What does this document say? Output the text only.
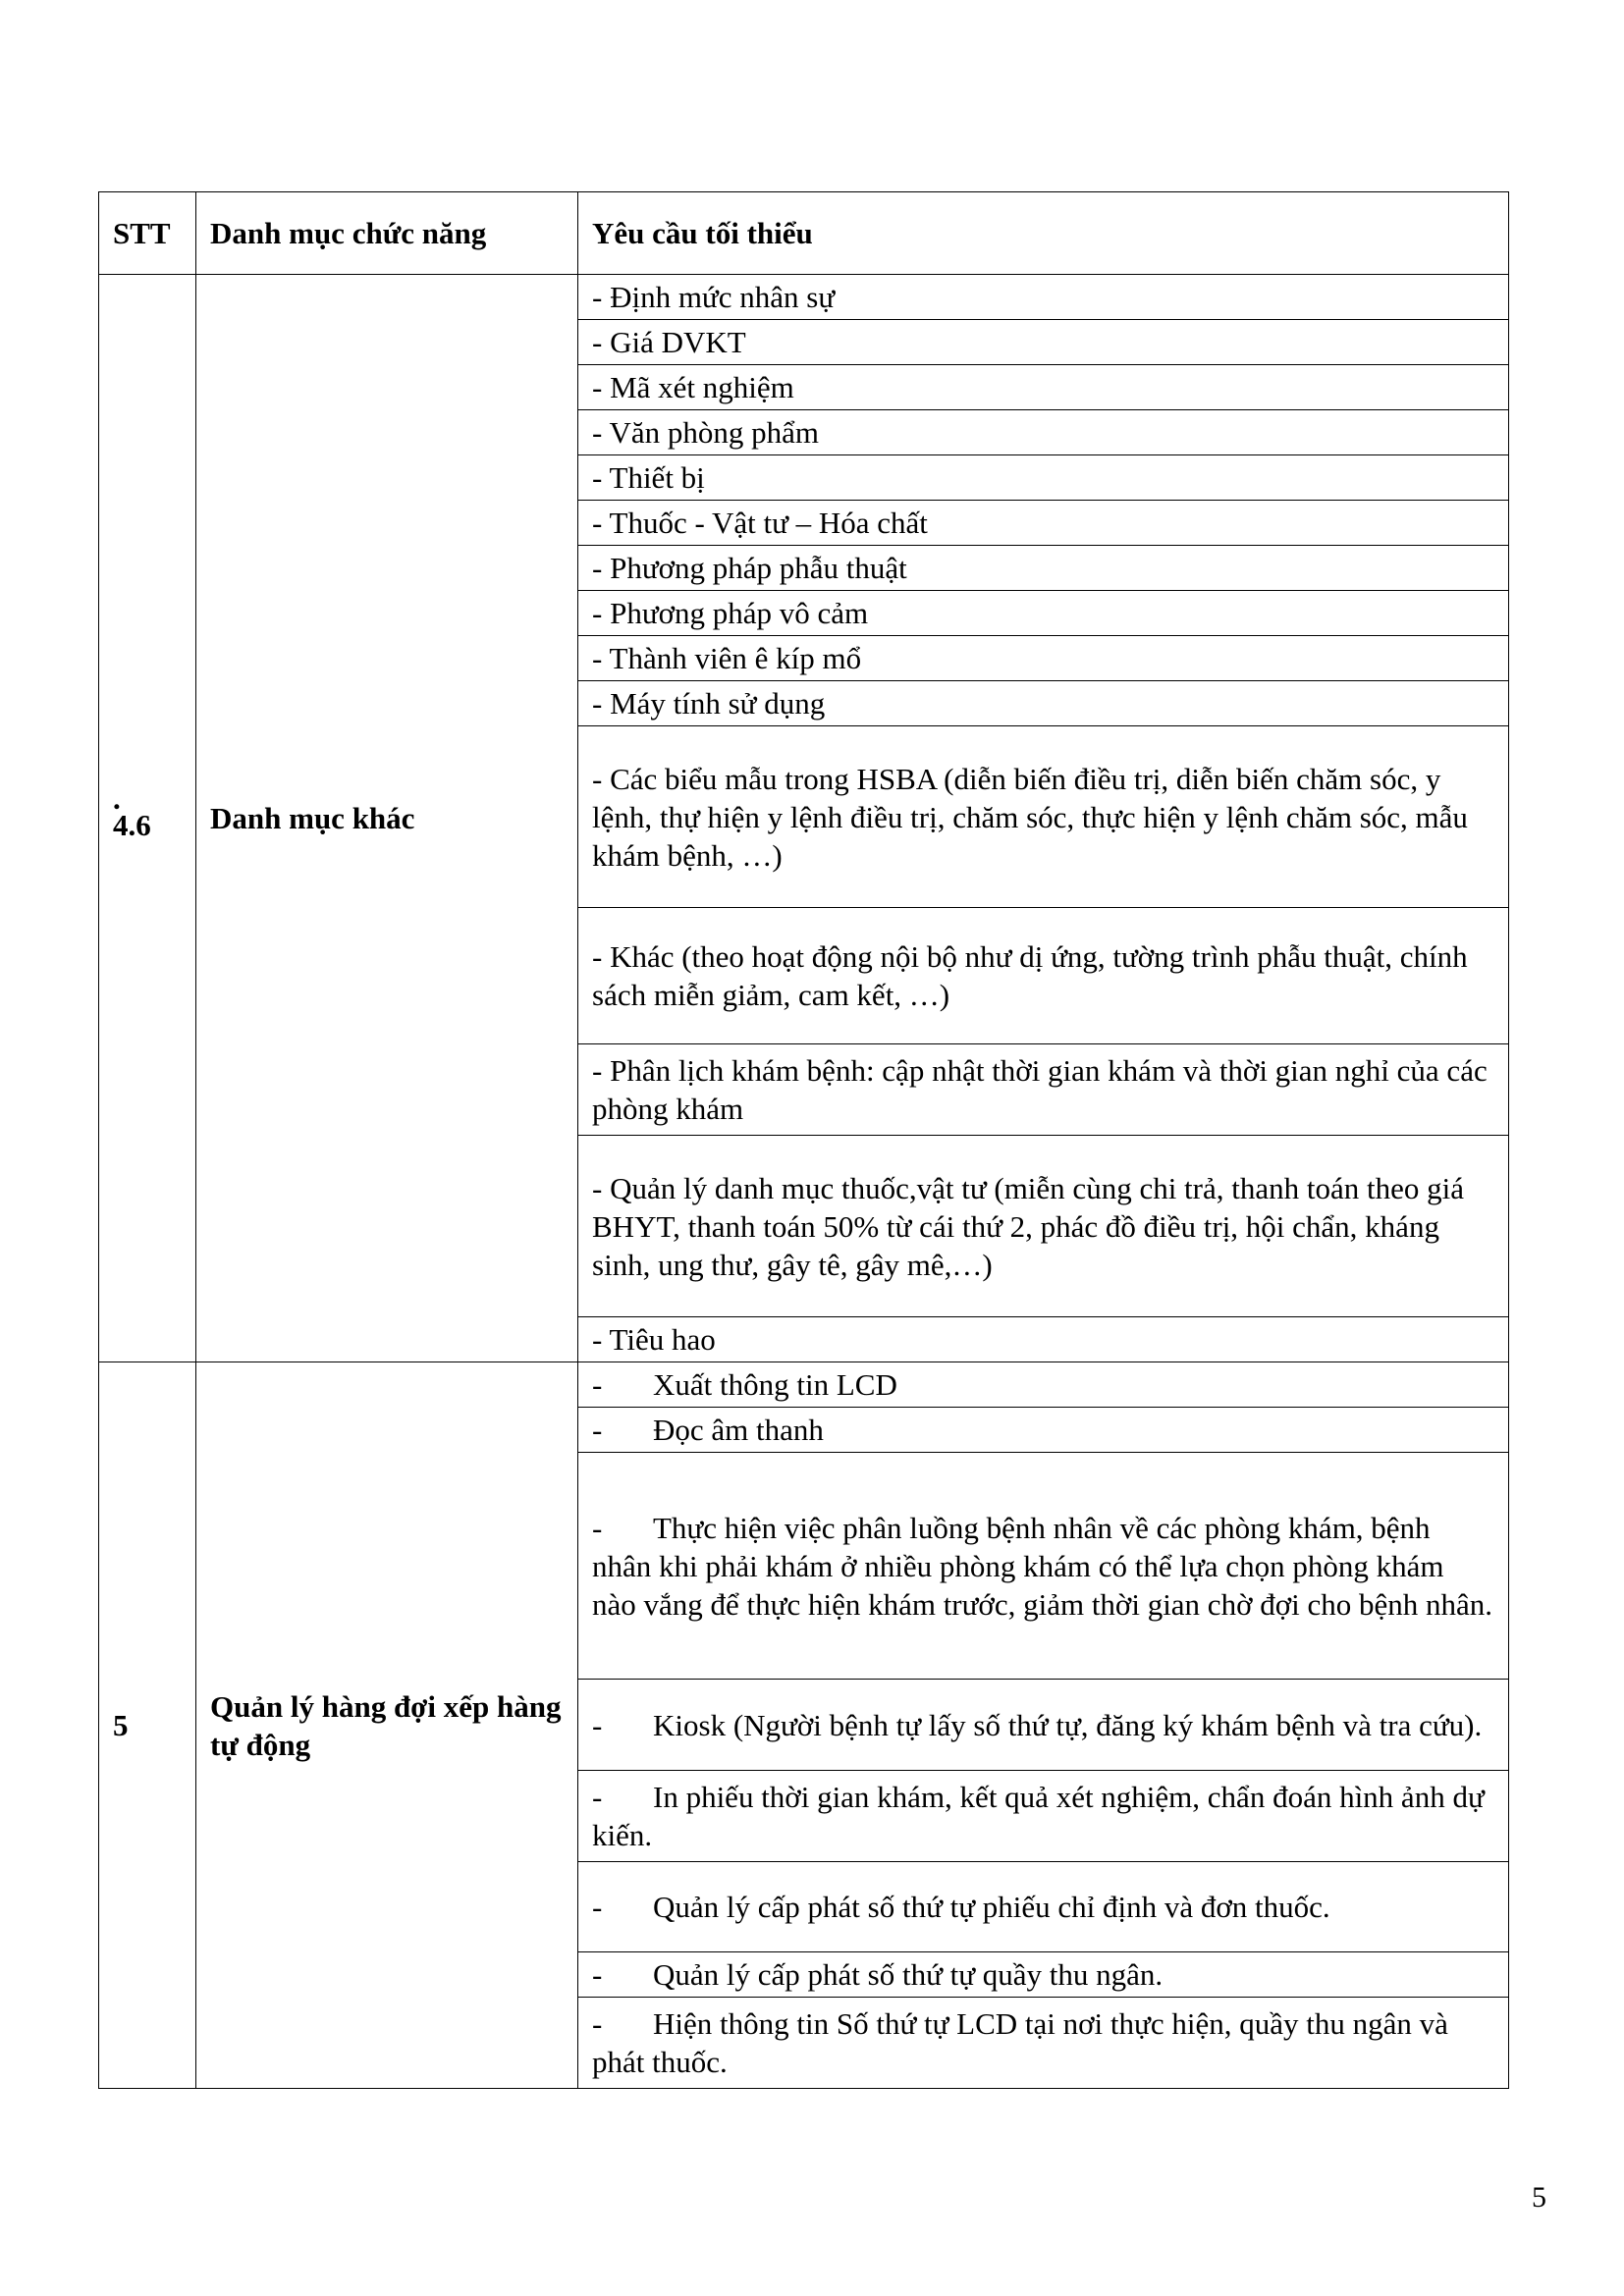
STT	Danh mục chức năng	Yêu cầu tối thiểu

.
4.6	Danh mục khác	- Định mức nhân sự
		- Giá DVKT
		- Mã xét nghiệm
		- Văn phòng phẩm
		- Thiết bị
		- Thuốc - Vật tư – Hóa chất
		- Phương pháp phẫu thuật
		- Phương pháp vô cảm
		- Thành viên ê kíp mổ
		- Máy tính sử dụng
		- Các biểu mẫu trong HSBA (diễn biến điều trị, diễn biến chăm sóc, y lệnh, thự hiện y lệnh điều trị, chăm sóc, thực hiện y lệnh chăm sóc, mẫu khám bệnh, …)
		- Khác (theo hoạt động nội bộ như dị ứng, tường trình phẫu thuật, chính sách miễn giảm, cam kết, …)
		- Phân lịch khám bệnh: cập nhật thời gian khám và thời gian nghỉ của các phòng khám
		- Quản lý danh mục thuốc,vật tư (miễn cùng chi trả, thanh toán theo giá BHYT, thanh toán 50% từ cái thứ 2, phác đồ điều trị, hội chẩn, kháng sinh, ung thư, gây tê, gây mê,…)
		- Tiêu hao
5	Quản lý hàng đợi xếp hàng tự động	- Xuất thông tin LCD
		- Đọc âm thanh
		- Thực hiện việc phân luồng bệnh nhân về các phòng khám, bệnh nhân khi phải khám ở nhiều phòng khám có thể lựa chọn phòng khám nào vắng để thực hiện khám trước, giảm thời gian chờ đợi cho bệnh nhân.
		- Kiosk (Người bệnh tự lấy số thứ tự, đăng ký khám bệnh và tra cứu).
		- In phiếu thời gian khám, kết quả xét nghiệm, chẩn đoán hình ảnh dự kiến.
		- Quản lý cấp phát số thứ tự phiếu chỉ định và đơn thuốc.
		- Quản lý cấp phát số thứ tự quầy thu ngân.
		- Hiện thông tin Số thứ tự LCD tại nơi thực hiện, quầy thu ngân và phát thuốc.
5
